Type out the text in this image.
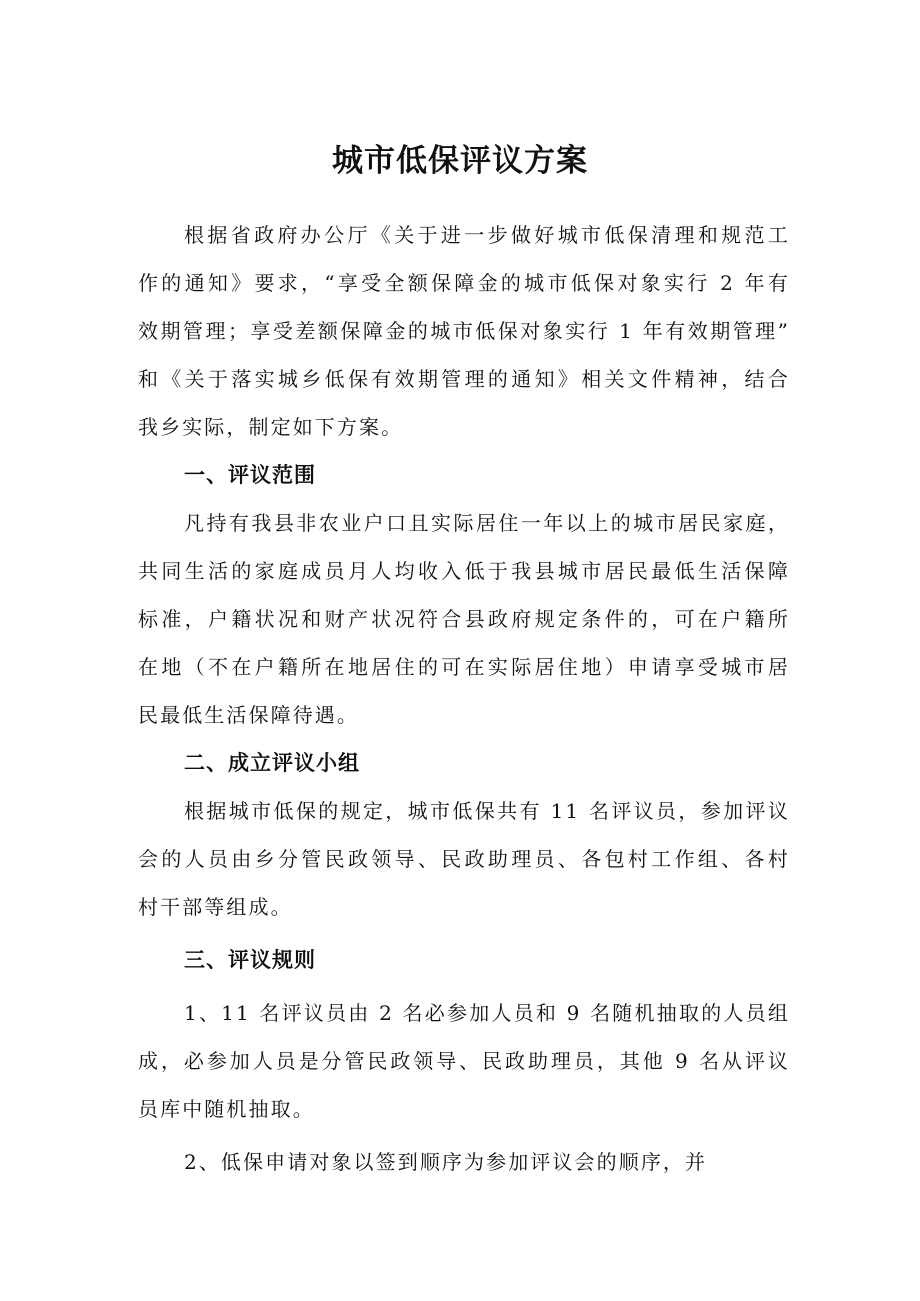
城市低保评议方案

根据省政府办公厅《关于进一步做好城市低保清理和规范工

作的通知》要求，“享受全额保障金的城市低保对象实行 2 年有

效期管理；享受差额保障金的城市低保对象实行 1 年有效期管理”

和《关于落实城乡低保有效期管理的通知》相关文件精神，结合

我乡实际，制定如下方案。

一、评议范围

凡持有我县非农业户口且实际居住一年以上的城市居民家庭，

共同生活的家庭成员月人均收入低于我县城市居民最低生活保障

标准，户籍状况和财产状况符合县政府规定条件的，可在户籍所

在地（不在户籍所在地居住的可在实际居住地）申请享受城市居

民最低生活保障待遇。

二、成立评议小组

根据城市低保的规定，城市低保共有 11 名评议员，参加评议

会的人员由乡分管民政领导、民政助理员、各包村工作组、各村

村干部等组成。

三、评议规则

1、11 名评议员由 2 名必参加人员和 9 名随机抽取的人员组

成，必参加人员是分管民政领导、民政助理员，其他 9 名从评议

员库中随机抽取。

2、低保申请对象以签到顺序为参加评议会的顺序，并
